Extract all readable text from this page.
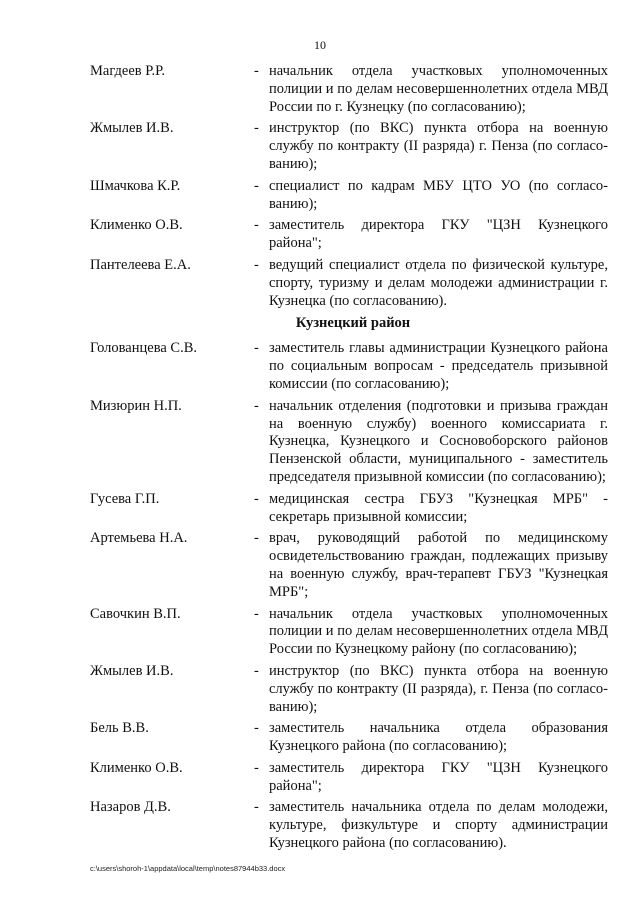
10
Магдеев Р.Р.	- начальник отдела участковых уполномоченных полиции и по делам несовершеннолетних отдела МВД России по г. Кузнецку (по согласованию);
Жмылев И.В.	- инструктор (по ВКС) пункта отбора на военную службу по контракту (II разряда) г. Пенза (по согласованию);
Шмачкова К.Р.	- специалист по кадрам МБУ ЦТО УО (по согласованию);
Клименко О.В.	- заместитель директора ГКУ "ЦЗН Кузнецкого района";
Пантелеева Е.А.	- ведущий специалист отдела по физической культуре, спорту, туризму и делам молодежи администрации г. Кузнецка (по согласованию).
Кузнецкий район
Голованцева С.В.	- заместитель главы администрации Кузнецкого района по социальным вопросам - председатель призывной комиссии (по согласованию);
Мизюрин Н.П.	- начальник отделения (подготовки и призыва граждан на военную службу) военного комиссариата г. Кузнецка, Кузнецкого и Сосновоборского районов Пензенской области, муниципального - заместитель председателя призывной комиссии (по согласованию);
Гусева Г.П.	- медицинская сестра ГБУЗ "Кузнецкая МРБ" - секретарь призывной комиссии;
Артемьева Н.А.	- врач, руководящий работой по медицинскому освидетельствованию граждан, подлежащих призыву на военную службу, врач-терапевт ГБУЗ "Кузнецкая МРБ";
Савочкин В.П.	- начальник отдела участковых уполномоченных полиции и по делам несовершеннолетних отдела МВД России по Кузнецкому району (по согласованию);
Жмылев И.В.	- инструктор (по ВКС) пункта отбора на военную службу по контракту (II разряда), г. Пенза (по согласованию);
Бель В.В.	- заместитель начальника отдела образования Кузнецкого района (по согласованию);
Клименко О.В.	- заместитель директора ГКУ "ЦЗН Кузнецкого района";
Назаров Д.В.	- заместитель начальника отдела по делам молодежи, культуре, физкультуре и спорту администрации Кузнецкого района (по согласованию).
c:\users\shoroh-1\appdata\local\temp\notes87944b33.docx
